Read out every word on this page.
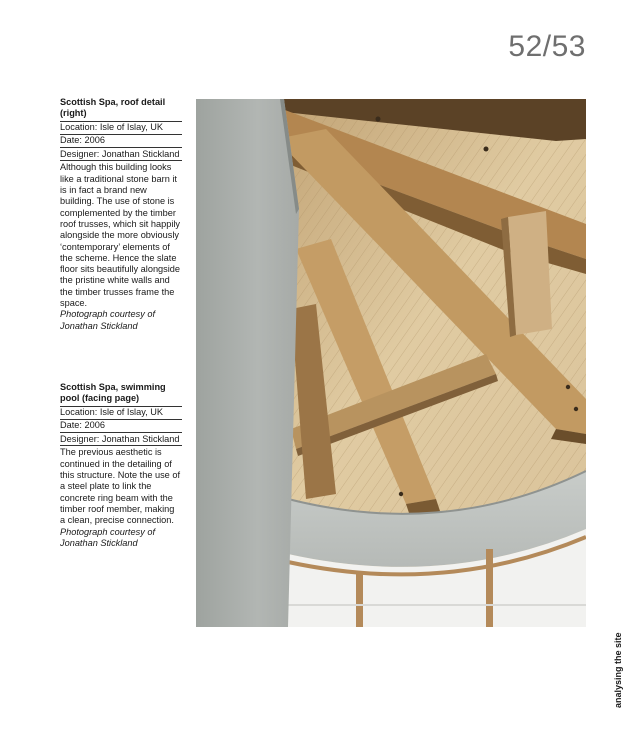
52/53
Scottish Spa, roof detail (right)
Location: Isle of Islay, UK
Date: 2006
Designer: Jonathan Stickland
Although this building looks like a traditional stone barn it is in fact a brand new building. The use of stone is complemented by the timber roof trusses, which sit happily alongside the more obviously ‘contemporary’ elements of the scheme. Hence the slate floor sits beautifully alongside the pristine white walls and the timber trusses frame the space.
Photograph courtesy of Jonathan Stickland
Scottish Spa, swimming pool (facing page)
Location: Isle of Islay, UK
Date: 2006
Designer: Jonathan Stickland
The previous aesthetic is continued in the detailing of this structure. Note the use of a steel plate to link the concrete ring beam with the timber roof member, making a clean, precise connection.
Photograph courtesy of Jonathan Stickland
analysing the site
